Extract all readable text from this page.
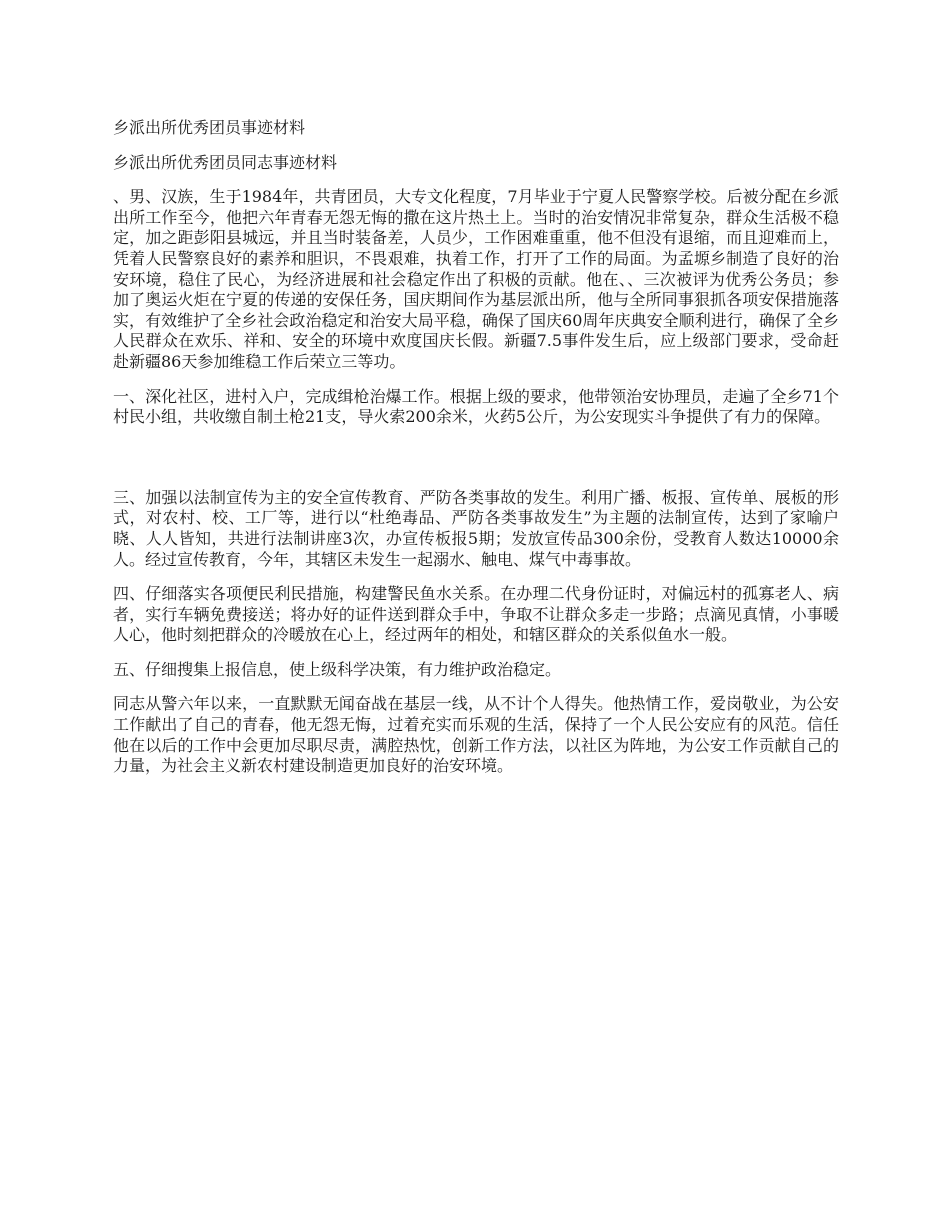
乡派出所优秀团员事迹材料

乡派出所优秀团员同志事迹材料

、男、汉族，生于1984年，共青团员，大专文化程度，7月毕业于宁夏人民警察学校。后被分配在乡派出所工作至今，他把六年青春无怨无悔的撒在这片热土上。当时的治安情况非常复杂，群众生活极不稳定，加之距彭阳县城远，并且当时装备差，人员少，工作困难重重，他不但没有退缩，而且迎难而上，凭着人民警察良好的素养和胆识，不畏艰难，执着工作，打开了工作的局面。为孟塬乡制造了良好的治安环境，稳住了民心，为经济进展和社会稳定作出了积极的贡献。他在、、三次被评为优秀公务员；参加了奥运火炬在宁夏的传递的安保任务，国庆期间作为基层派出所，他与全所同事狠抓各项安保措施落实，有效维护了全乡社会政治稳定和治安大局平稳，确保了国庆60周年庆典安全顺利进行，确保了全乡人民群众在欢乐、祥和、安全的环境中欢度国庆长假。新疆7.5事件发生后，应上级部门要求，受命赶赴新疆86天参加维稳工作后荣立三等功。

一、深化社区，进村入户，完成缉枪治爆工作。根据上级的要求，他带领治安协理员，走遍了全乡71个村民小组，共收缴自制土枪21支，导火索200余米，火药5公斤，为公安现实斗争提供了有力的保障。

三、加强以法制宣传为主的安全宣传教育、严防各类事故的发生。利用广播、板报、宣传单、展板的形式，对农村、校、工厂等，进行以“杜绝毒品、严防各类事故发生”为主题的法制宣传，达到了家喻户晓、人人皆知，共进行法制讲座3次，办宣传板报5期；发放宣传品300余份，受教育人数达10000余人。经过宣传教育，今年，其辖区未发生一起溺水、触电、煤气中毒事故。

四、仔细落实各项便民利民措施，构建警民鱼水关系。在办理二代身份证时，对偏远村的孤寡老人、病者，实行车辆免费接送；将办好的证件送到群众手中，争取不让群众多走一步路；点滴见真情，小事暖人心，他时刻把群众的冷暖放在心上，经过两年的相处，和辖区群众的关系似鱼水一般。

五、仔细搜集上报信息，使上级科学决策，有力维护政治稳定。

同志从警六年以来，一直默默无闻奋战在基层一线，从不计个人得失。他热情工作，爱岗敬业，为公安工作献出了自己的青春，他无怨无悔，过着充实而乐观的生活，保持了一个人民公安应有的风范。信任他在以后的工作中会更加尽职尽责，满腔热忱，创新工作方法，以社区为阵地，为公安工作贡献自己的力量，为社会主义新农村建设制造更加良好的治安环境。
